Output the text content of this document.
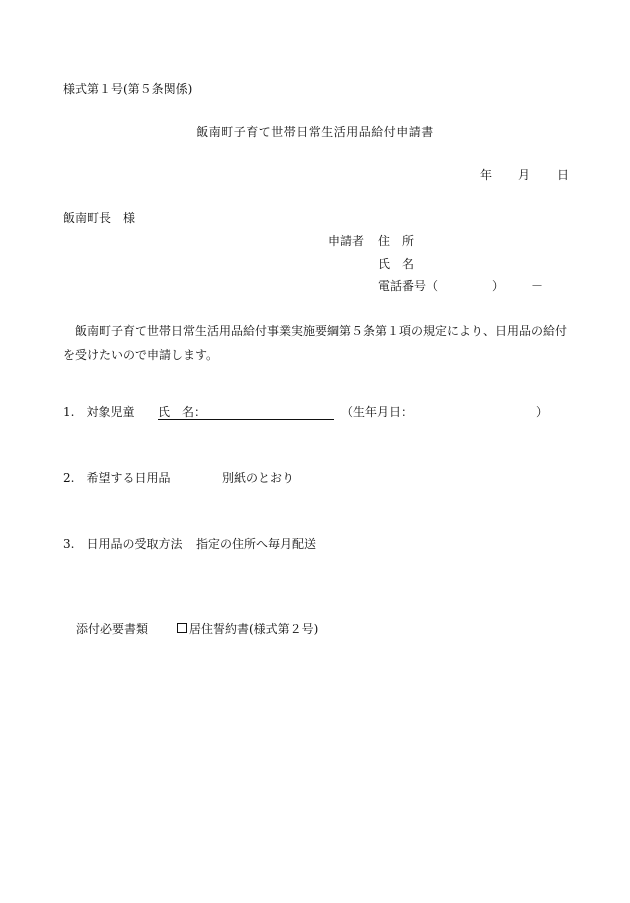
様式第１号(第５条関係)
飯南町子育て世帯日常生活用品給付申請書
年 月 日
飯南町長　様
申請者 住　所
氏　名
電話番号（	） －
飯南町子育て世帯日常生活用品給付事業実施要綱第５条第１項の規定により、日用品の給付を受けたいので申請します。
1.　対象児童 氏　名：	（生年月日：	）
2.　希望する日用品	別紙のとおり
3.　日用品の受取方法 指定の住所へ毎月配送
添付必要書類	居住誓約書(様式第２号)
